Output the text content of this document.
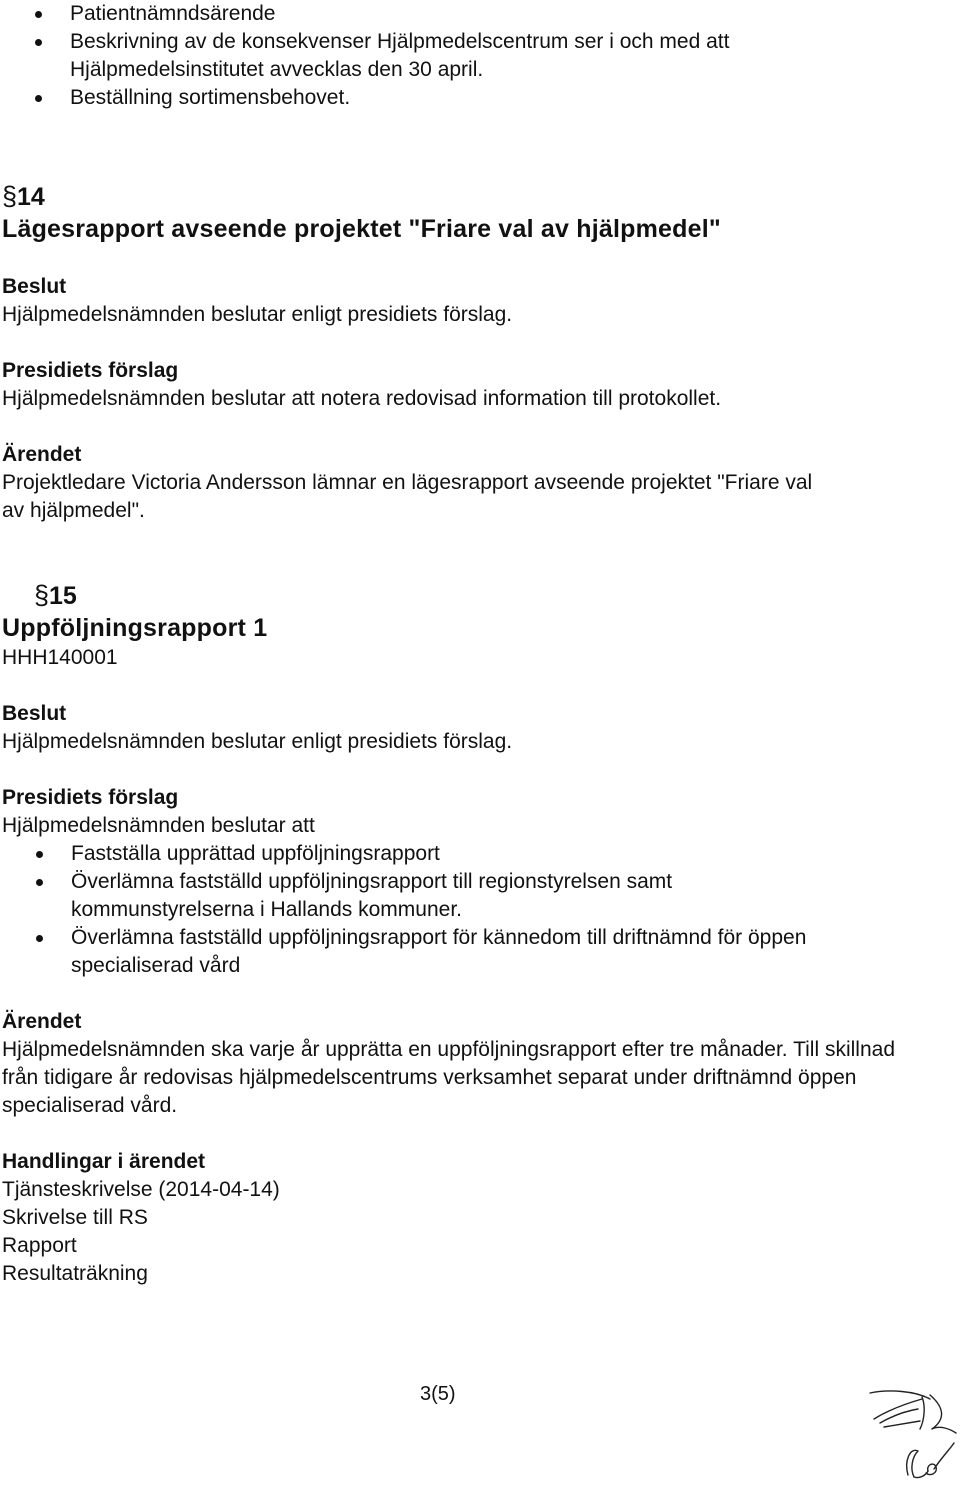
Patientnämndsärende
Beskrivning av de konsekvenser Hjälpmedelscentrum ser i och med att Hjälpmedelsinstitutet avvecklas den 30 april.
Beställning sortimensbehovet.
§14
Lägesrapport avseende projektet "Friare val av hjälpmedel"
Beslut

Hjälpmedelsnämnden beslutar enligt presidiets förslag.

Presidiets förslag

Hjälpmedelsnämnden beslutar att notera redovisad information till protokollet.

Ärendet

Projektledare Victoria Andersson lämnar en lägesrapport avseende projektet "Friare val av hjälpmedel".

§15
Uppföljningsrapport 1
HHH140001
Beslut

Hjälpmedelsnämnden beslutar enligt presidiets förslag.

Presidiets förslag

Hjälpmedelsnämnden beslutar att

Fastställa upprättad uppföljningsrapport
Överlämna fastställd uppföljningsrapport till regionstyrelsen samt kommunstyrelserna i Hallands kommuner.
Överlämna fastställd uppföljningsrapport för kännedom till driftnämnd för öppen specialiserad vård
Ärendet

Hjälpmedelsnämnden ska varje år upprätta en uppföljningsrapport efter tre månader. Till skillnad från tidigare år redovisas hjälpmedelscentrums verksamhet separat under driftnämnd öppen specialiserad vård.

Handlingar i ärendet

Tjänsteskrivelse (2014-04-14)

Skrivelse till RS

Rapport

Resultaträkning

3(5)
